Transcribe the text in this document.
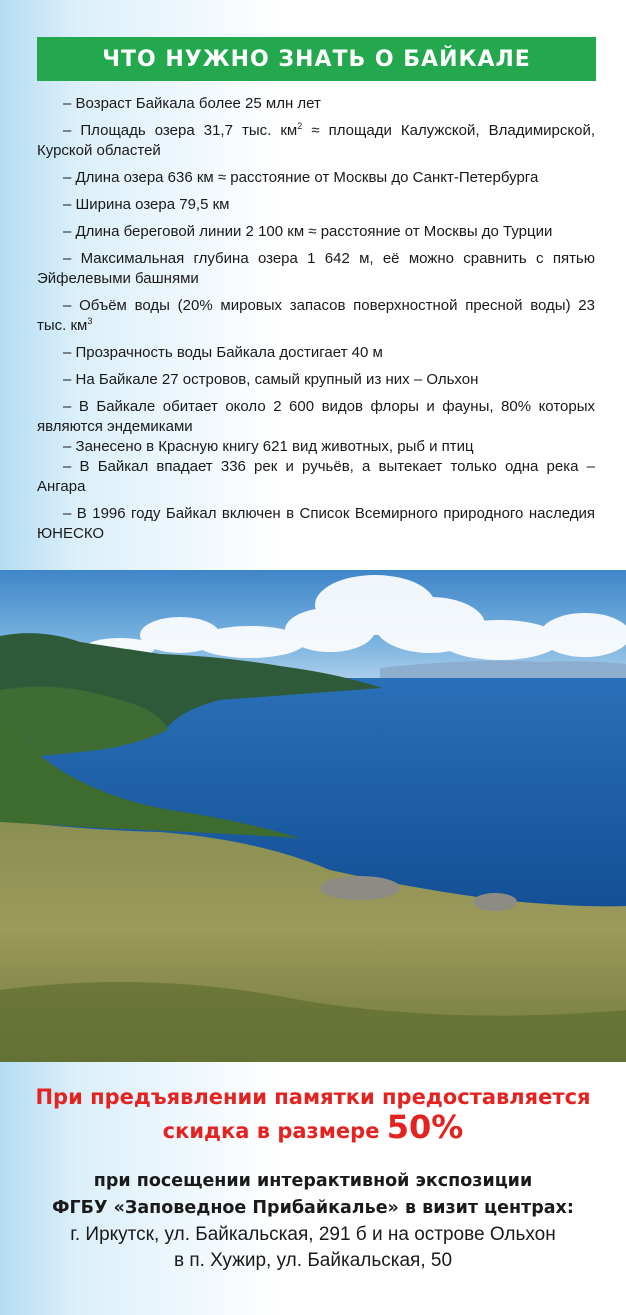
ЧТО НУЖНО ЗНАТЬ О БАЙКАЛЕ

– Возраст Байкала более 25 млн лет

– Площадь озера 31,7 тыс. $км^2$ ≈ площади Калужской, Владимирской, Курской областей

– Длина озера 636 км ≈ расстояние от Москвы до Санкт-Петербурга

– Ширина озера 79,5 км

– Длина береговой линии 2 100 км ≈ расстояние от Москвы до Турции

– Максимальная глубина озера 1 642 м, её можно сравнить с пятью Эйфелевыми башнями

– Объём воды (20% мировых запасов поверхностной пресной воды) 23 тыс. $км^3$

– Прозрачность воды Байкала достигает 40 м

– На Байкале 27 островов, самый крупный из них – Ольхон

– В Байкале обитает около 2 600 видов флоры и фауны, 80% которых являются эндемиками

– Занесено в Красную книгу 621 вид животных, рыб и птиц

– В Байкал впадает 336 рек и ручьёв, а вытекает только одна река – Ангара

– В 1996 году Байкал включен в Список Всемирного природного наследия ЮНЕСКО

При предъявлении памятки предоставляется
скидка в размере 50%
при посещении интерактивной экспозиции
ФГБУ «Заповедное Прибайкалье» в визит центрах:
г. Иркутск, ул. Байкальская, 291 б и на острове Ольхон
в п. Хужир, ул. Байкальская, 50
